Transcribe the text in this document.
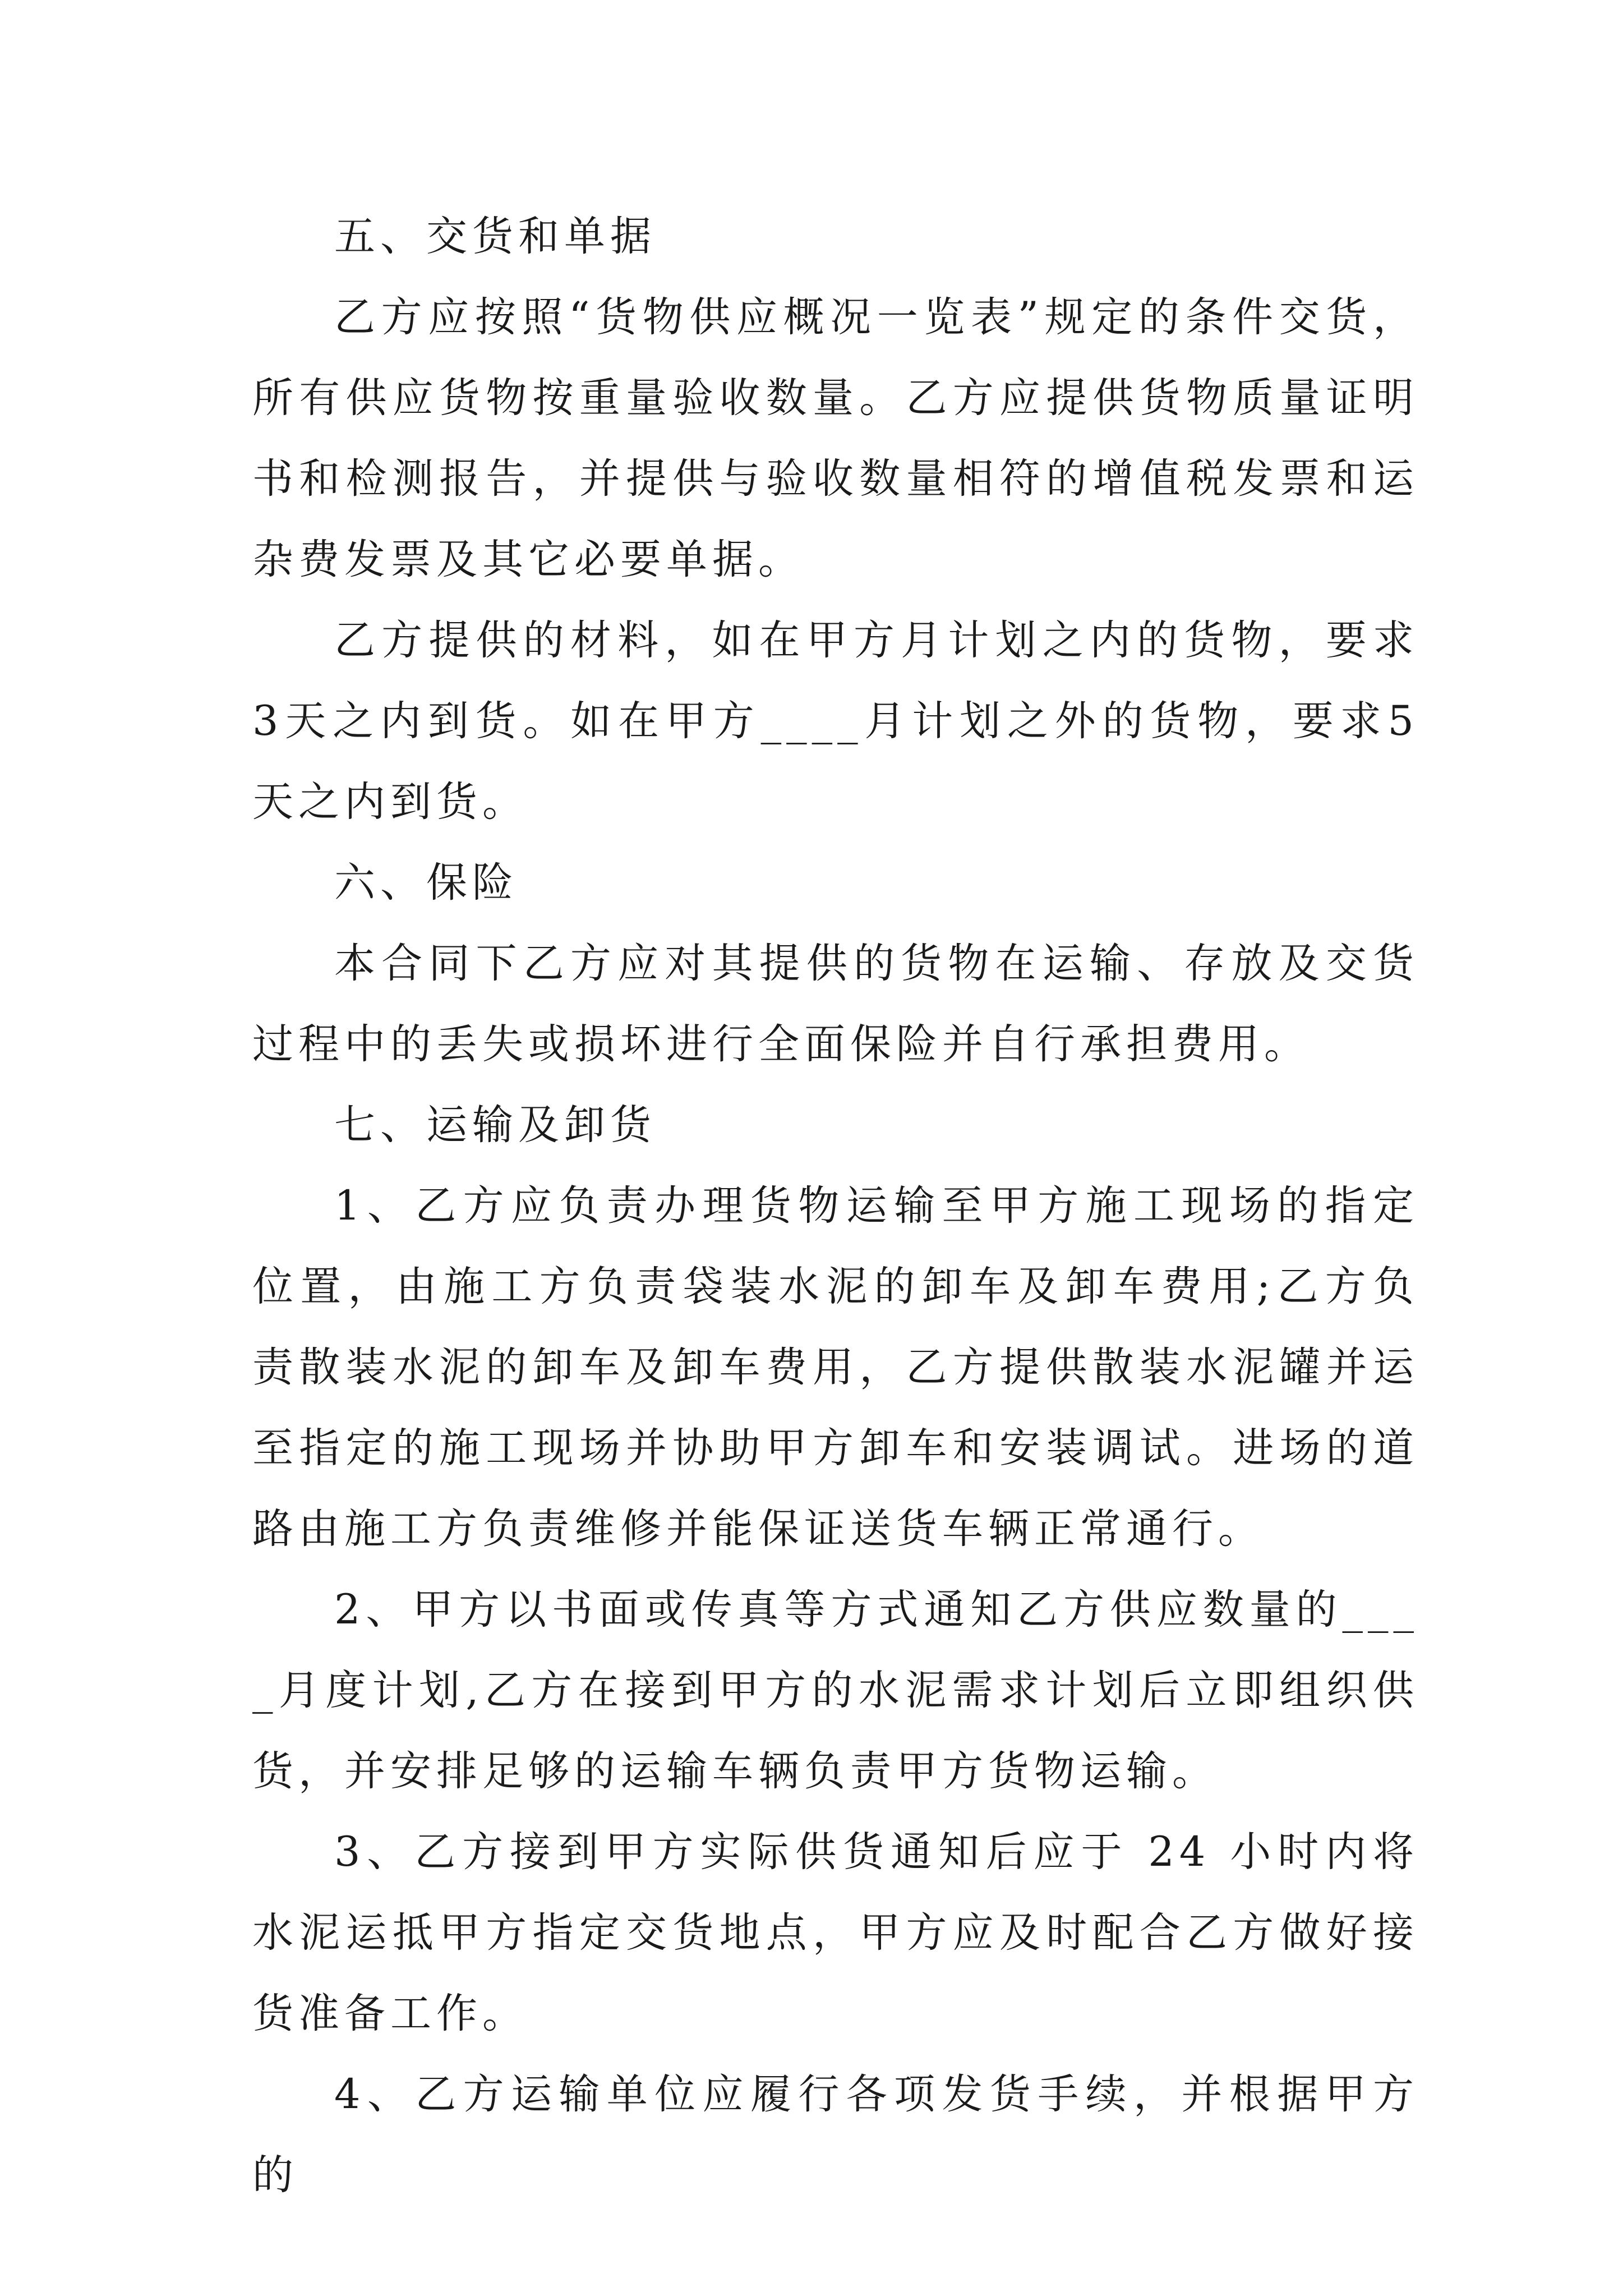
五、交货和单据

乙方应按照“货物供应概况一览表”规定的条件交货，所有供应货物按重量验收数量。乙方应提供货物质量证明书和检测报告，并提供与验收数量相符的增值税发票和运杂费发票及其它必要单据。

乙方提供的材料，如在甲方月计划之内的货物，要求3天之内到货。如在甲方____月计划之外的货物，要求5天之内到货。

六、保险

本合同下乙方应对其提供的货物在运输、存放及交货过程中的丢失或损坏进行全面保险并自行承担费用。

七、运输及卸货

1、乙方应负责办理货物运输至甲方施工现场的指定位置，由施工方负责袋装水泥的卸车及卸车费用;乙方负责散装水泥的卸车及卸车费用，乙方提供散装水泥罐并运至指定的施工现场并协助甲方卸车和安装调试。进场的道路由施工方负责维修并能保证送货车辆正常通行。

2、甲方以书面或传真等方式通知乙方供应数量的____月度计划,乙方在接到甲方的水泥需求计划后立即组织供货，并安排足够的运输车辆负责甲方货物运输。

3、乙方接到甲方实际供货通知后应于 24 小时内将水泥运抵甲方指定交货地点，甲方应及时配合乙方做好接货准备工作。

4、乙方运输单位应履行各项发货手续，并根据甲方的
